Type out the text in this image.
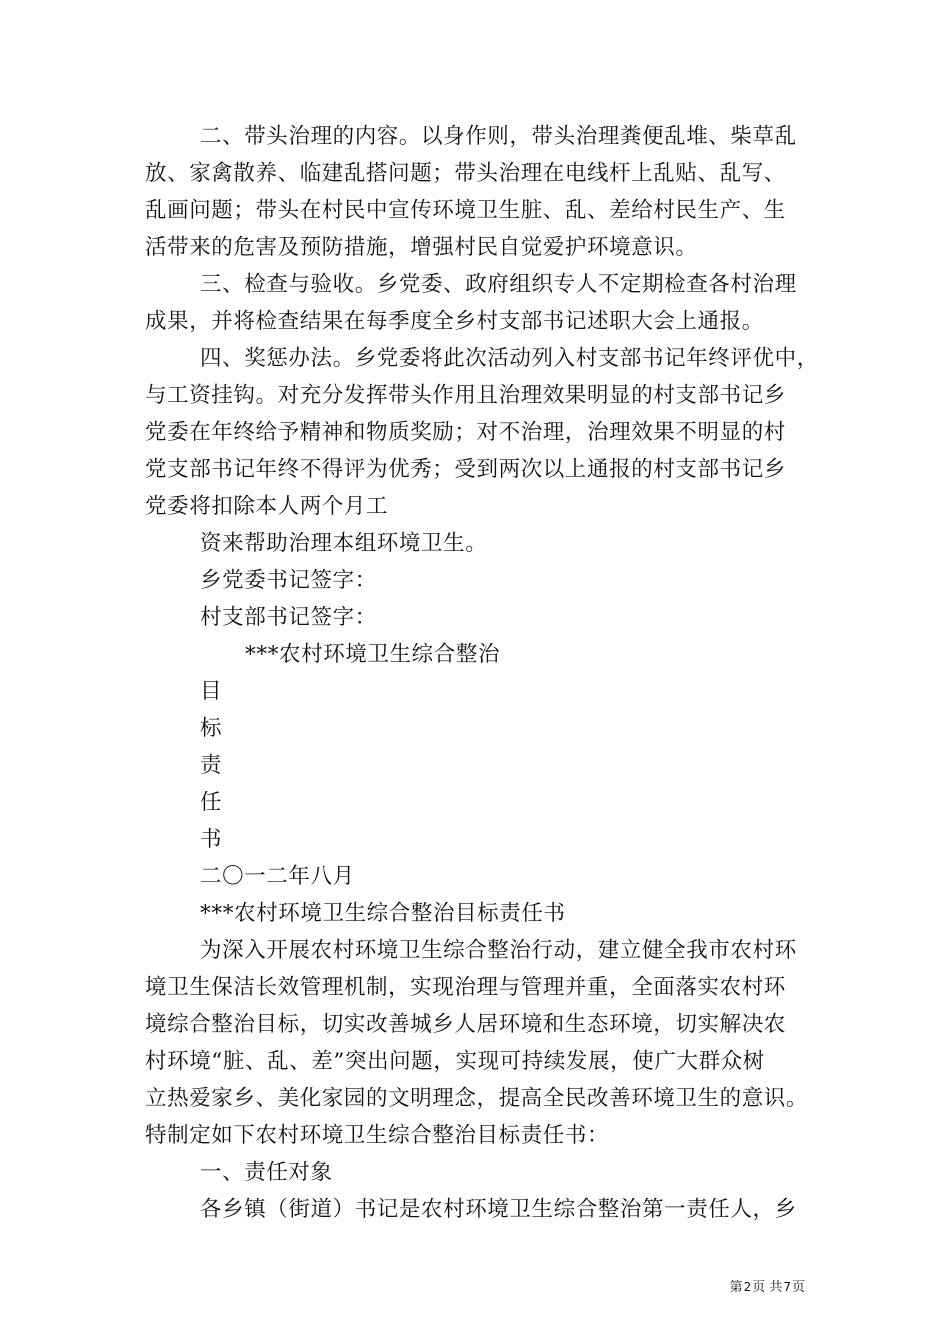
二、带头治理的内容。以身作则，带头治理粪便乱堆、柴草乱
放、家禽散养、临建乱搭问题；带头治理在电线杆上乱贴、乱写、
乱画问题；带头在村民中宣传环境卫生脏、乱、差给村民生产、生
活带来的危害及预防措施，增强村民自觉爱护环境意识。
三、检查与验收。乡党委、政府组织专人不定期检查各村治理
成果，并将检查结果在每季度全乡村支部书记述职大会上通报。
四、奖惩办法。乡党委将此次活动列入村支部书记年终评优中，
与工资挂钩。对充分发挥带头作用且治理效果明显的村支部书记乡
党委在年终给予精神和物质奖励；对不治理，治理效果不明显的村
党支部书记年终不得评为优秀；受到两次以上通报的村支部书记乡
党委将扣除本人两个月工
资来帮助治理本组环境卫生。
乡党委书记签字：
村支部书记签字：
***农村环境卫生综合整治
目
标
责
任
书
二〇一二年八月
***农村环境卫生综合整治目标责任书
为深入开展农村环境卫生综合整治行动，建立健全我市农村环
境卫生保洁长效管理机制，实现治理与管理并重，全面落实农村环
境综合整治目标，切实改善城乡人居环境和生态环境，切实解决农
村环境“脏、乱、差”突出问题，实现可持续发展，使广大群众树
立热爱家乡、美化家园的文明理念，提高全民改善环境卫生的意识。
特制定如下农村环境卫生综合整治目标责任书：
一、责任对象
各乡镇（街道）书记是农村环境卫生综合整治第一责任人，乡
第2页 共7页
